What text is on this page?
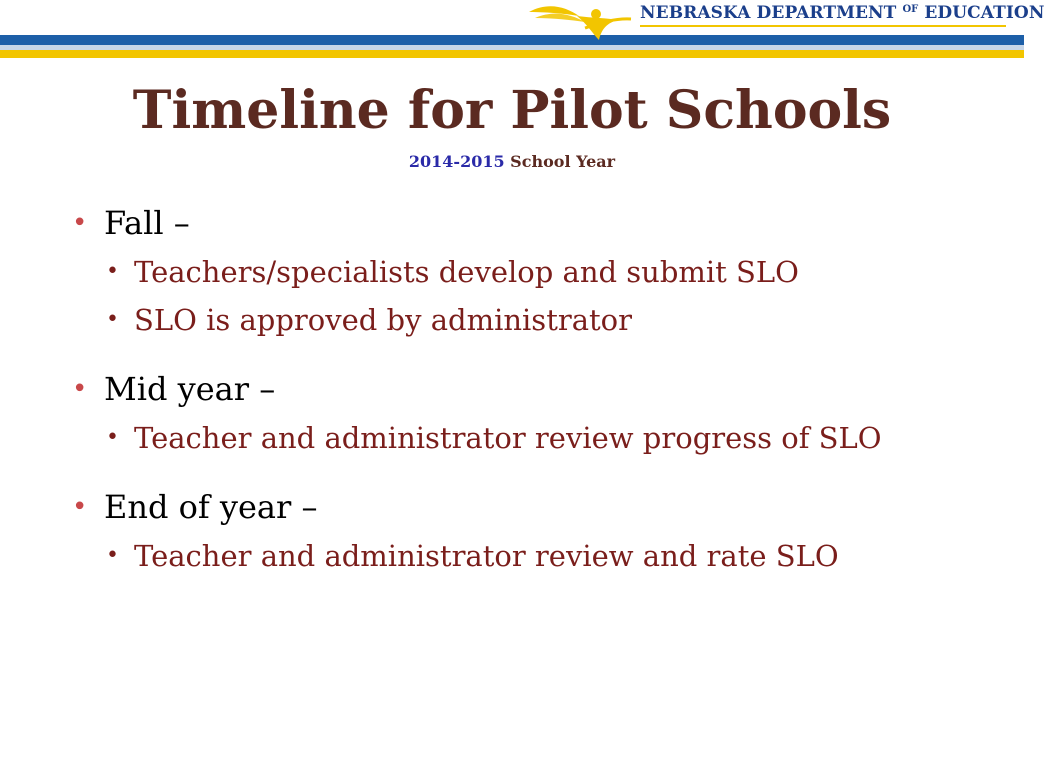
NEBRASKA DEPARTMENT $^{OF}$ EDUCATION
Timeline for Pilot Schools
2014-2015 School Year
• Fall –
• Teachers/specialists develop and submit SLO
• SLO is approved by administrator
• Mid year –
• Teacher and administrator review progress of SLO
• End of year –
• Teacher and administrator review and rate SLO
